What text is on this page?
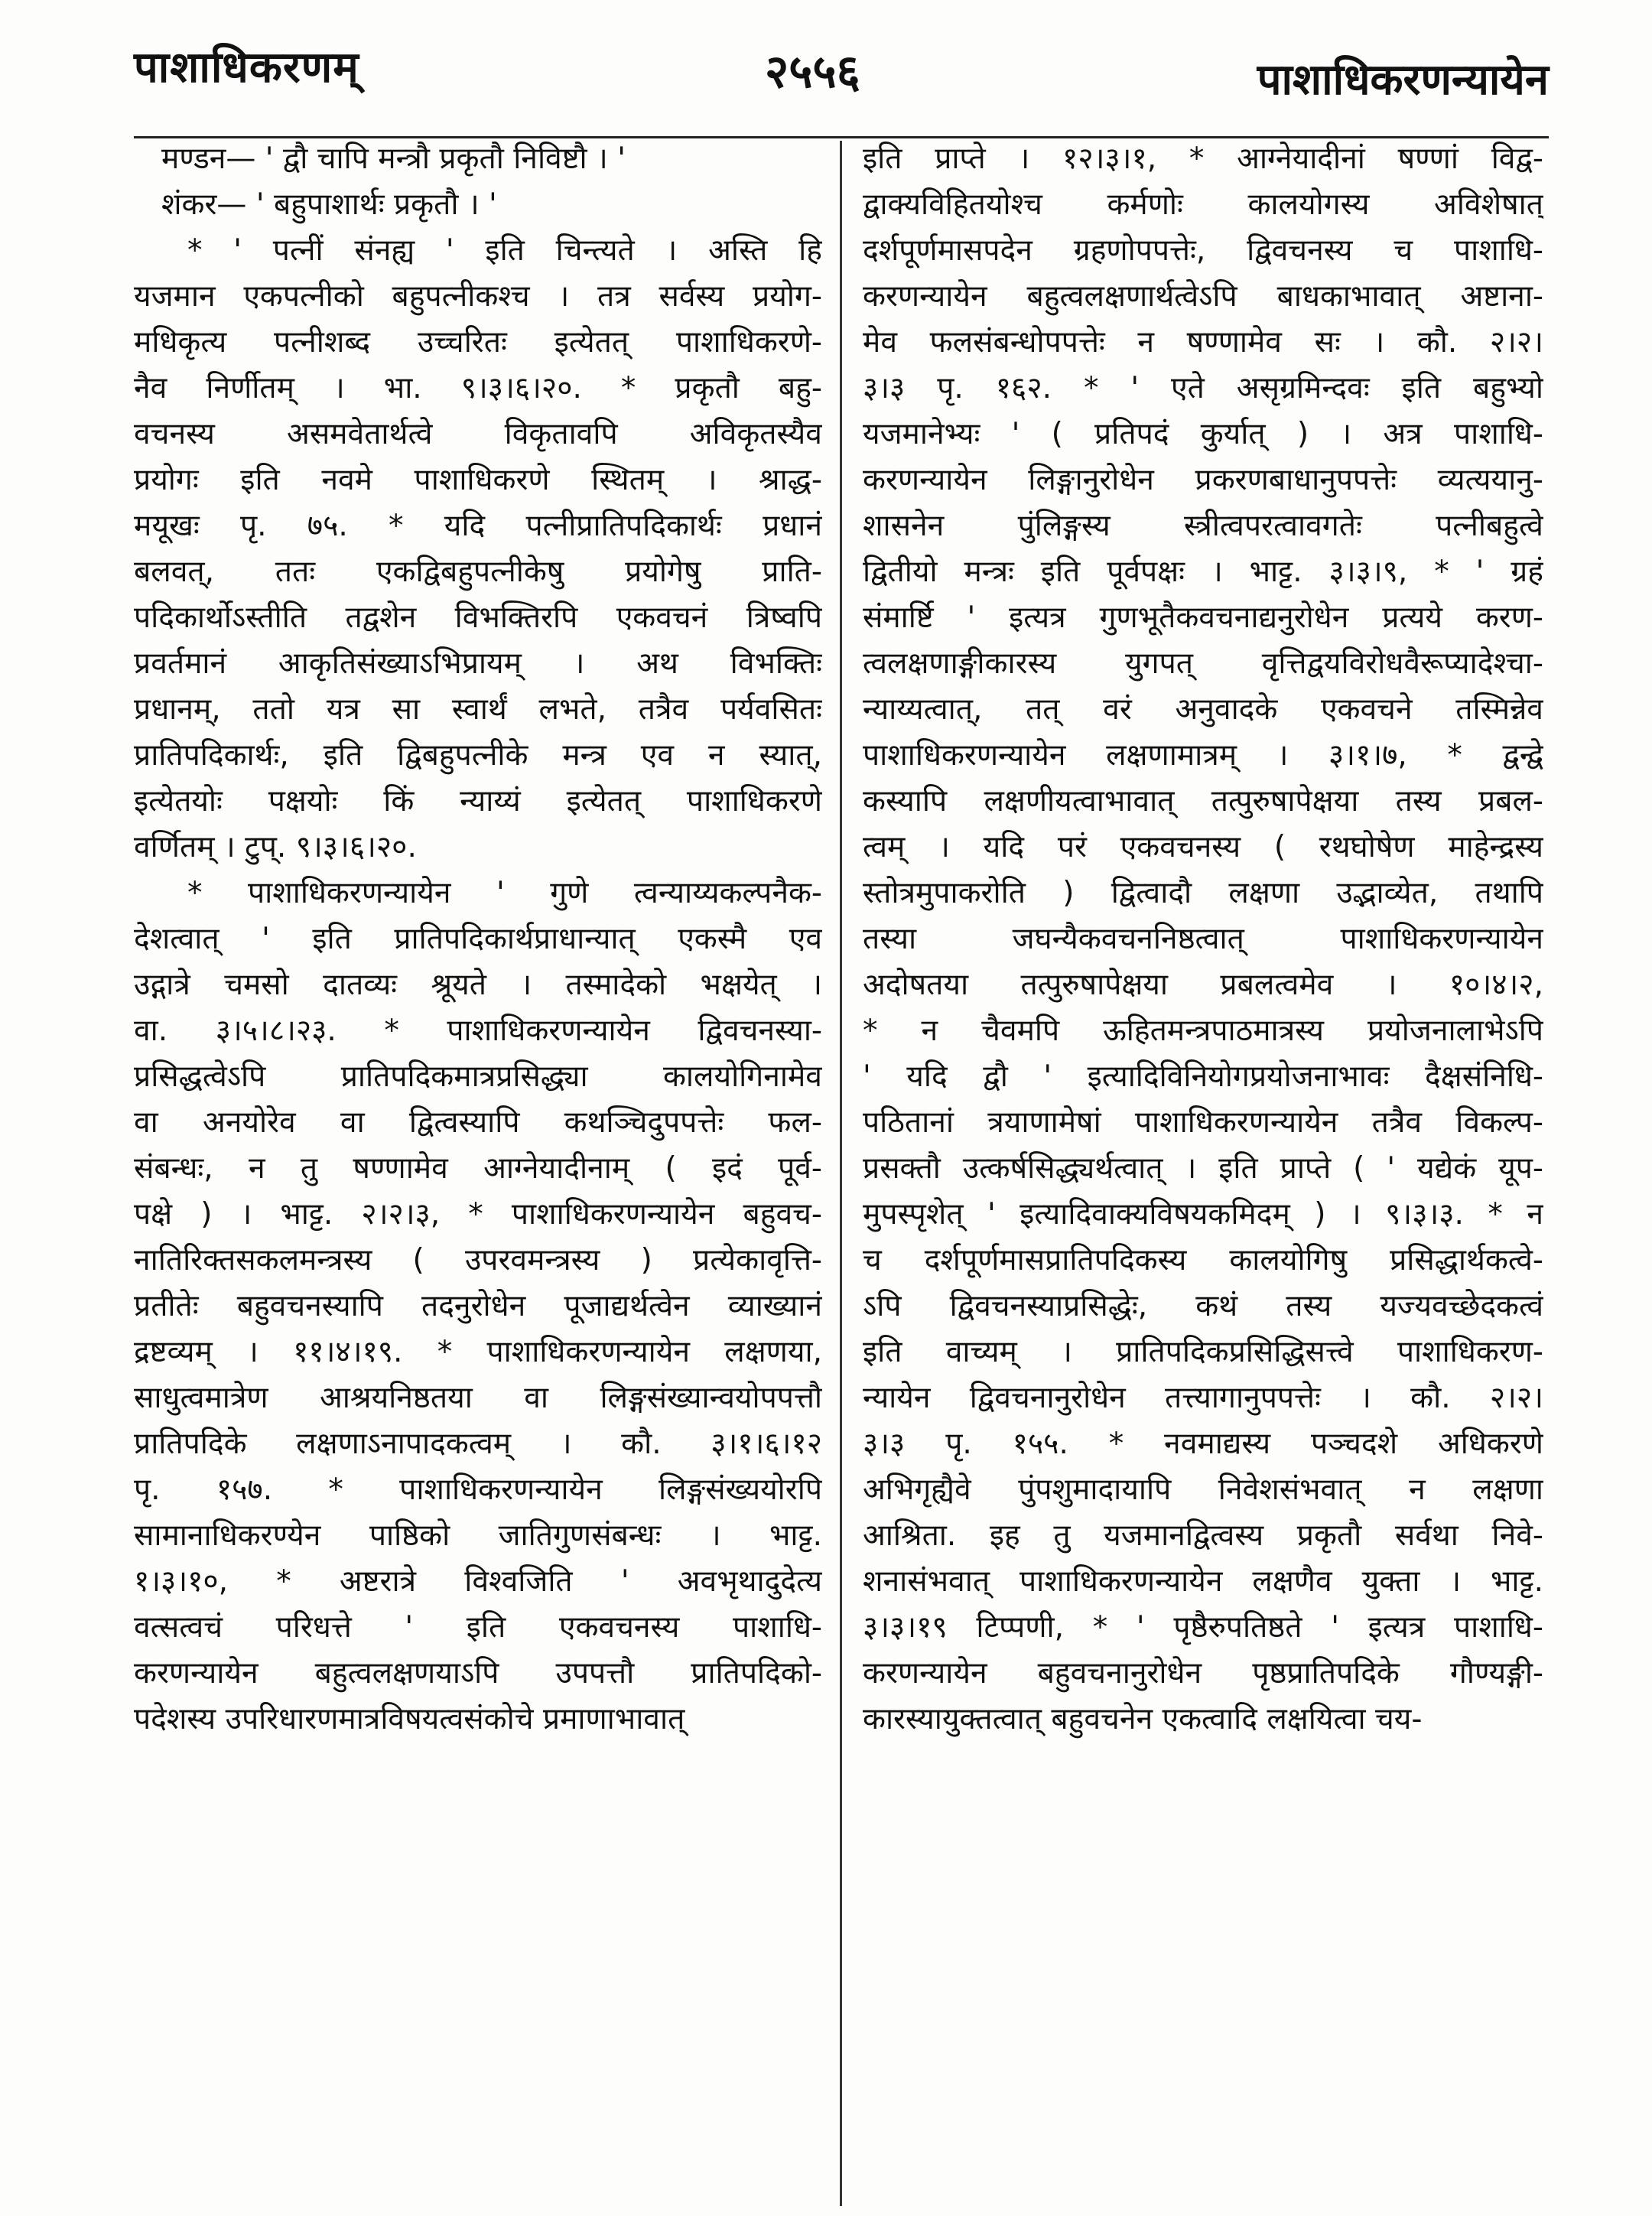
पाशाधिकरणम्	२५५६	पाशाधिकरणन्यायेन
मण्डन— ' द्वौ चापि मन्त्रौ प्रकृतौ निविष्टौ । '
शंकर— ' बहुपाशार्थः प्रकृतौ । '
* ' पत्नीं संनह्य ' इति चिन्त्यते । अस्ति हि
यजमान एकपत्नीको बहुपत्नीकश्च । तत्र सर्वस्य प्रयोग-
मधिकृत्य पत्नीशब्द उच्चरितः इत्येतत् पाशाधिकरणे-
नैव निर्णीतम् । भा. ९।३।६।२०. * प्रकृतौ बहु-
वचनस्य असमवेतार्थत्वे विकृतावपि अविकृतस्यैव
प्रयोगः इति नवमे पाशाधिकरणे स्थितम् । श्राद्ध-
मयूखः पृ. ७५. * यदि पत्नीप्रातिपदिकार्थः प्रधानं
बलवत्, ततः एकद्विबहुपत्नीकेषु प्रयोगेषु प्राति-
पदिकार्थोऽस्तीति तद्वशेन विभक्तिरपि एकवचनं त्रिष्वपि
प्रवर्तमानं आकृतिसंख्याऽभिप्रायम् । अथ विभक्तिः
प्रधानम्, ततो यत्र सा स्वार्थं लभते, तत्रैव पर्यवसितः
प्रातिपदिकार्थः, इति द्विबहुपत्नीके मन्त्र एव न स्यात्,
इत्येतयोः पक्षयोः किं न्याय्यं इत्येतत् पाशाधिकरणे
वर्णितम् । टुप्. ९।३।६।२०.
* पाशाधिकरणन्यायेन ' गुणे त्वन्याय्यकल्पनैक-
देशत्वात् ' इति प्रातिपदिकार्थप्राधान्यात् एकस्मै एव
उद्गात्रे चमसो दातव्यः श्रूयते । तस्मादेको भक्षयेत् ।
वा. ३।५।८।२३. * पाशाधिकरणन्यायेन द्विवचनस्या-
प्रसिद्धत्वेऽपि प्रातिपदिकमात्रप्रसिद्ध्या कालयोगिनामेव
वा अनयोरेव वा द्वित्वस्यापि कथञ्चिदुपपत्तेः फल-
संबन्धः, न तु षण्णामेव आग्नेयादीनाम् ( इदं पूर्व-
पक्षे ) । भाट्ट. २।२।३, * पाशाधिकरणन्यायेन बहुवच-
नातिरिक्तसकलमन्त्रस्य ( उपरवमन्त्रस्य ) प्रत्येकावृत्ति-
प्रतीतेः बहुवचनस्यापि तदनुरोधेन पूजाद्यर्थत्वेन व्याख्यानं
द्रष्टव्यम् । ११।४।१९. * पाशाधिकरणन्यायेन लक्षणया,
साधुत्वमात्रेण आश्रयनिष्ठतया वा लिङ्गसंख्यान्वयोपपत्तौ
प्रातिपदिके लक्षणाऽनापादकत्वम् । कौ. ३।१।६।१२
पृ. १५७. * पाशाधिकरणन्यायेन लिङ्गसंख्ययोरपि
सामानाधिकरण्येन पाष्ठिको जातिगुणसंबन्धः । भाट्ट.
१।३।१०, * अष्टरात्रे विश्वजिति ' अवभृथादुदेत्य
वत्सत्वचं परिधत्ते ' इति एकवचनस्य पाशाधि-
करणन्यायेन बहुत्वलक्षणयाऽपि उपपत्तौ प्रातिपदिको-
पदेशस्य उपरिधारणमात्रविषयत्वसंकोचे प्रमाणाभावात्
इति प्राप्ते । १२।३।१, * आग्नेयादीनां षण्णां विद्व-
द्वाक्यविहितयोश्च कर्मणोः कालयोगस्य अविशेषात्
दर्शपूर्णमासपदेन ग्रहणोपपत्तेः, द्विवचनस्य च पाशाधि-
करणन्यायेन बहुत्वलक्षणार्थत्वेऽपि बाधकाभावात् अष्टाना-
मेव फलसंबन्धोपपत्तेः न षण्णामेव सः । कौ. २।२।
३।३ पृ. १६२. * ' एते असृग्रमिन्दवः इति बहुभ्यो
यजमानेभ्यः ' ( प्रतिपदं कुर्यात् ) । अत्र पाशाधि-
करणन्यायेन लिङ्गानुरोधेन प्रकरणबाधानुपपत्तेः व्यत्ययानु-
शासनेन पुंलिङ्गस्य स्त्रीत्वपरत्वावगतेः पत्नीबहुत्वे
द्वितीयो मन्त्रः इति पूर्वपक्षः । भाट्ट. ३।३।९, * ' ग्रहं
संमार्ष्टि ' इत्यत्र गुणभूतैकवचनाद्यनुरोधेन प्रत्यये करण-
त्वलक्षणाङ्गीकारस्य युगपत् वृत्तिद्वयविरोधवैरूप्यादेश्चा-
न्याय्यत्वात्, तत् वरं अनुवादके एकवचने तस्मिन्नेव
पाशाधिकरणन्यायेन लक्षणामात्रम् । ३।१।७, * द्वन्द्वे
कस्यापि लक्षणीयत्वाभावात् तत्पुरुषापेक्षया तस्य प्रबल-
त्वम् । यदि परं एकवचनस्य ( रथघोषेण माहेन्द्रस्य
स्तोत्रमुपाकरोति ) द्वित्वादौ लक्षणा उद्भाव्येत, तथापि
तस्या जघन्यैकवचननिष्ठत्वात् पाशाधिकरणन्यायेन
अदोषतया तत्पुरुषापेक्षया प्रबलत्वमेव । १०।४।२,
* न चैवमपि ऊहितमन्त्रपाठमात्रस्य प्रयोजनालाभेऽपि
' यदि द्वौ ' इत्यादिविनियोगप्रयोजनाभावः दैक्षसंनिधि-
पठितानां त्रयाणामेषां पाशाधिकरणन्यायेन तत्रैव विकल्प-
प्रसक्तौ उत्कर्षसिद्ध्यर्थत्वात् । इति प्राप्ते ( ' यद्येकं यूप-
मुपस्पृशेत् ' इत्यादिवाक्यविषयकमिदम् ) । ९।३।३. * न
च दर्शपूर्णमासप्रातिपदिकस्य कालयोगिषु प्रसिद्धार्थकत्वे-
ऽपि द्विवचनस्याप्रसिद्धेः, कथं तस्य यज्यवच्छेदकत्वं
इति वाच्यम् । प्रातिपदिकप्रसिद्धिसत्त्वे पाशाधिकरण-
न्यायेन द्विवचनानुरोधेन तत्त्यागानुपपत्तेः । कौ. २।२।
३।३ पृ. १५५. * नवमाद्यस्य पञ्चदशे अधिकरणे
अभिगृह्यैवे पुंपशुमादायापि निवेशसंभवात् न लक्षणा
आश्रिता. इह तु यजमानद्वित्वस्य प्रकृतौ सर्वथा निवे-
शनासंभवात् पाशाधिकरणन्यायेन लक्षणैव युक्ता । भाट्ट.
३।३।१९ टिप्पणी, * ' पृष्ठैरुपतिष्ठते ' इत्यत्र पाशाधि-
करणन्यायेन बहुवचनानुरोधेन पृष्ठप्रातिपदिके गौण्यङ्गी-
कारस्यायुक्तत्वात् बहुवचनेन एकत्वादि लक्षयित्वा चय-
